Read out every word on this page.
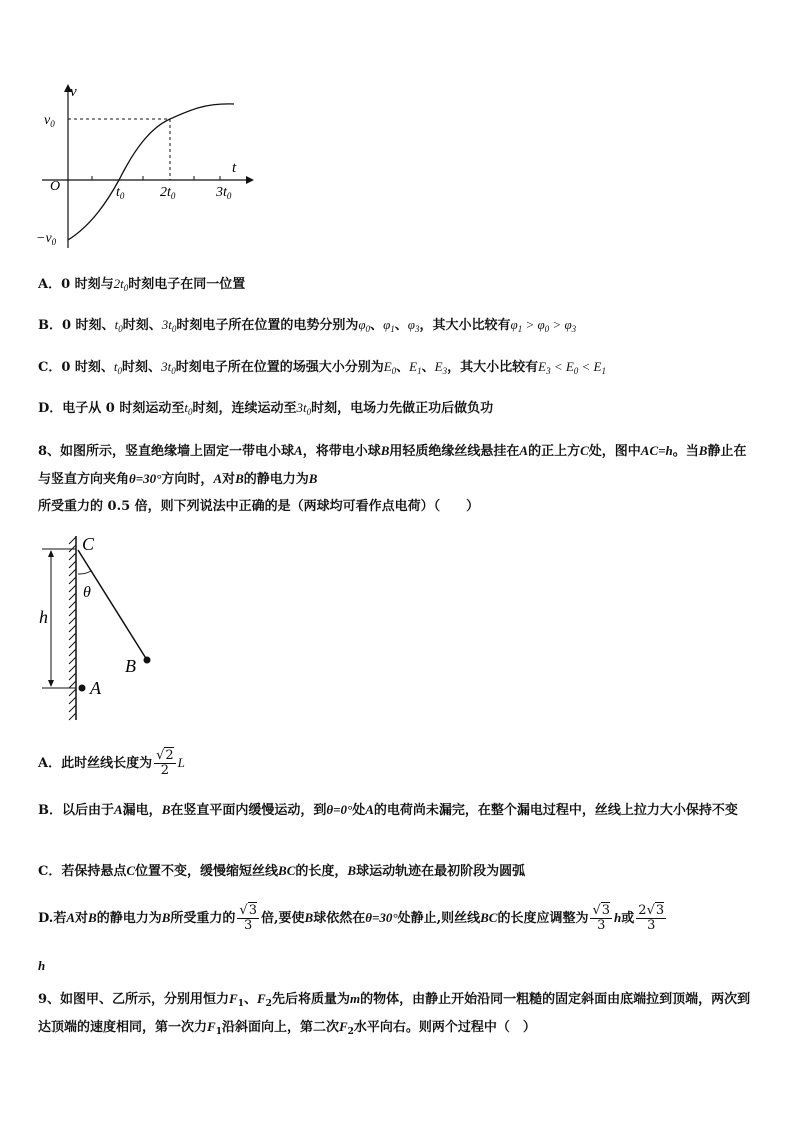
v
t
O
$v_0$
$-v_0$
$t_0$	$2t_0$	$3t_0$
A．0 时刻与$2t_0$时刻电子在同一位置
B．0 时刻、$t_0$时刻、$3t_0$时刻电子所在位置的电势分别为$\varphi_0$、$\varphi_1$、$\varphi_3$，其大小比较有$\varphi_1 > \varphi_0 > \varphi_3$
C．0 时刻、$t_0$时刻、$3t_0$时刻电子所在位置的场强大小分别为$E_0$、$E_1$、$E_3$，其大小比较有$E_3 < E_0 < E_1$
D．电子从 0 时刻运动至$t_0$时刻，连续运动至$3t_0$时刻，电场力先做正功后做负功
8、如图所示，竖直绝缘墙上固定一带电小球A，将带电小球B用轻质绝缘丝线悬挂在A的正上方C处，图中AC=h。当B静止在与竖直方向夹角θ=30°方向时，A对B的静电力为B所受重力的 0.5 倍，则下列说法中正确的是（两球均可看作点电荷）（　　）
C
θ
h
B
A
A．此时丝线长度为 $\frac{√2}{2}$ L
B．以后由于A漏电，B在竖直平面内缓慢运动，到θ=0°处A的电荷尚未漏完，在整个漏电过程中，丝线上拉力大小保持不变
C．若保持悬点C位置不变，缓慢缩短丝线BC的长度，B球运动轨迹在最初阶段为圆弧
D.若A对B的静电力为B所受重力的 $\frac{√3}{3}$ 倍,要使B球依然在θ=30°处静止,则丝线BC的长度应调整为 $\frac{√3}{3}$ h或 $\frac{2√3}{3}$
h
9、如图甲、乙所示，分别用恒力$F_1$、$F_2$先后将质量为m的物体，由静止开始沿同一粗糙的固定斜面由底端拉到顶端，两次到达顶端的速度相同，第一次力$F_1$沿斜面向上，第二次$F_2$水平向右。则两个过程中（　）
